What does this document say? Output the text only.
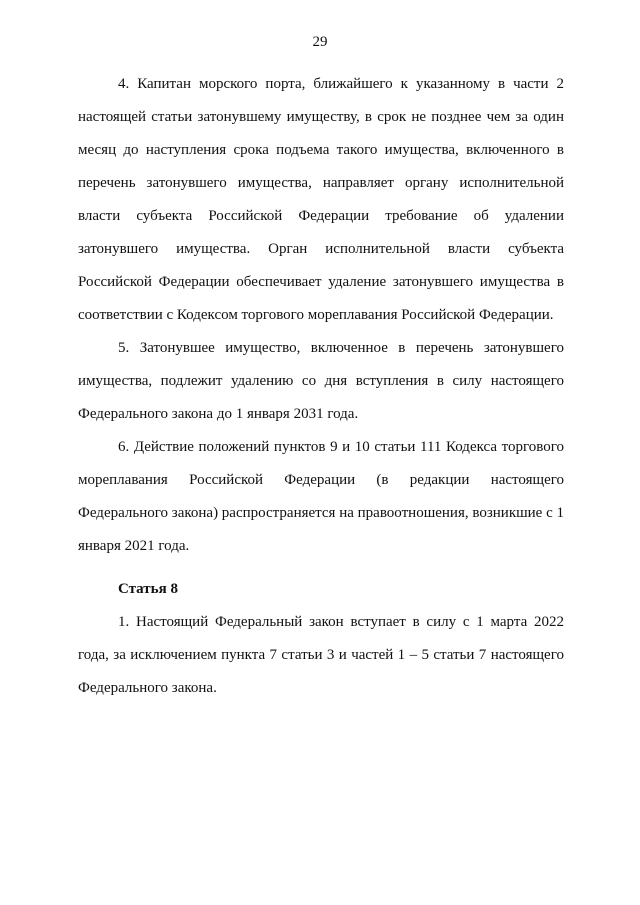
29

4. Капитан морского порта, ближайшего к указанному в части 2 настоящей статьи затонувшему имуществу, в срок не позднее чем за один месяц до наступления срока подъема такого имущества, включенного в перечень затонувшего имущества, направляет органу исполнительной власти субъекта Российской Федерации требование об удалении затонувшего имущества. Орган исполнительной власти субъекта Российской Федерации обеспечивает удаление затонувшего имущества в соответствии с Кодексом торгового мореплавания Российской Федерации.

5. Затонувшее имущество, включенное в перечень затонувшего имущества, подлежит удалению со дня вступления в силу настоящего Федерального закона до 1 января 2031 года.

6. Действие положений пунктов 9 и 10 статьи 111 Кодекса торгового мореплавания Российской Федерации (в редакции настоящего Федерального закона) распространяется на правоотношения, возникшие с 1 января 2021 года.

Статья 8

1. Настоящий Федеральный закон вступает в силу с 1 марта 2022 года, за исключением пункта 7 статьи 3 и частей 1 – 5 статьи 7 настоящего Федерального закона.
